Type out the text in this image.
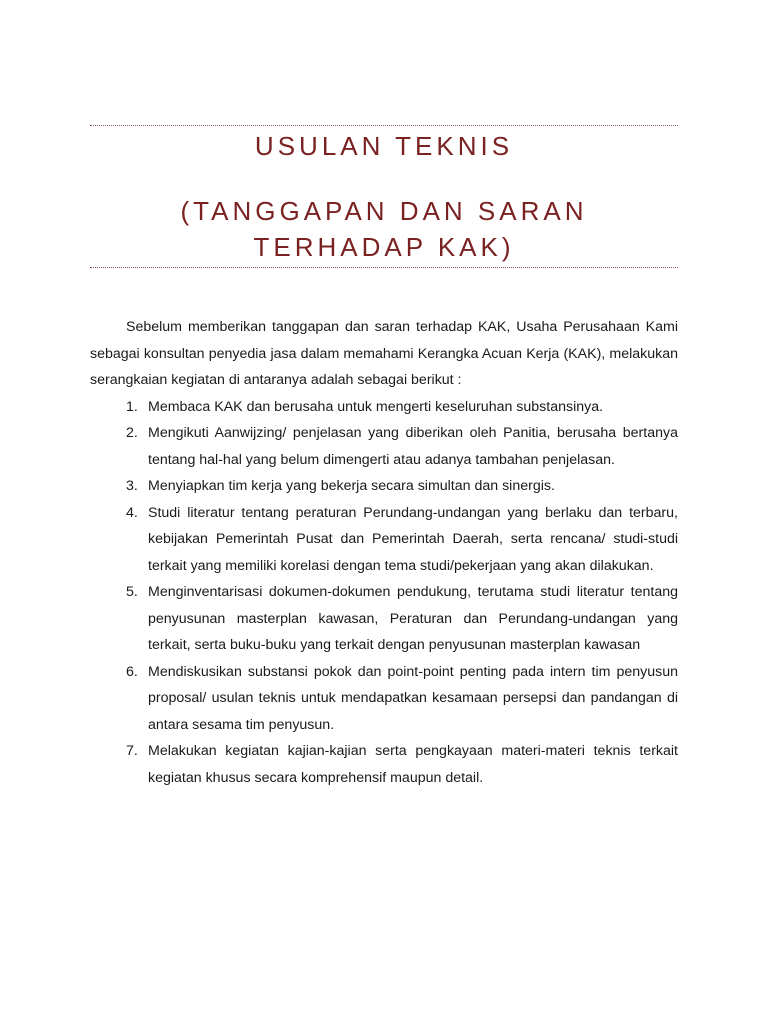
USULAN TEKNIS
(TANGGAPAN DAN SARAN TERHADAP KAK)

Sebelum memberikan tanggapan dan saran terhadap KAK, Usaha Perusahaan Kami sebagai konsultan penyedia jasa dalam memahami Kerangka Acuan Kerja (KAK), melakukan serangkaian kegiatan di antaranya adalah sebagai berikut :

1. Membaca KAK dan berusaha untuk mengerti keseluruhan substansinya.
2. Mengikuti Aanwijzing/ penjelasan yang diberikan oleh Panitia, berusaha bertanya tentang hal-hal yang belum dimengerti atau adanya tambahan penjelasan.
3. Menyiapkan tim kerja yang bekerja secara simultan dan sinergis.
4. Studi literatur tentang peraturan Perundang-undangan yang berlaku dan terbaru, kebijakan Pemerintah Pusat dan Pemerintah Daerah, serta rencana/ studi-studi terkait yang memiliki korelasi dengan tema studi/pekerjaan yang akan dilakukan.
5. Menginventarisasi dokumen-dokumen pendukung, terutama studi literatur tentang penyusunan masterplan kawasan, Peraturan dan Perundang-undangan yang terkait, serta buku-buku yang terkait dengan penyusunan masterplan kawasan
6. Mendiskusikan substansi pokok dan point-point penting pada intern tim penyusun proposal/ usulan teknis untuk mendapatkan kesamaan persepsi dan pandangan di antara sesama tim penyusun.
7. Melakukan kegiatan kajian-kajian serta pengkayaan materi-materi teknis terkait kegiatan khusus secara komprehensif maupun detail.
